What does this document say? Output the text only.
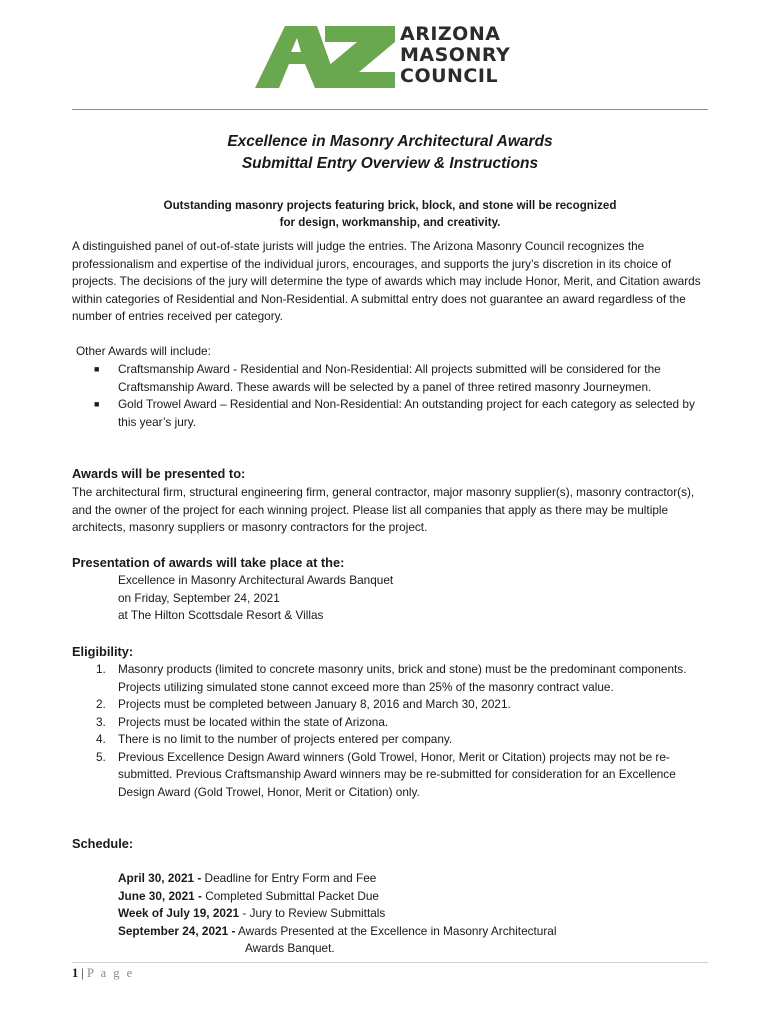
ARIZONA
MASONRY
COUNCIL
Excellence in Masonry Architectural Awards
Submittal Entry Overview & Instructions
Outstanding masonry projects featuring brick, block, and stone will be recognized
for design, workmanship, and creativity.
A distinguished panel of out-of-state jurists will judge the entries. The Arizona Masonry Council recognizes the professionalism and expertise of the individual jurors, encourages, and supports the jury’s discretion in its choice of projects. The decisions of the jury will determine the type of awards which may include Honor, Merit, and Citation awards within categories of Residential and Non-Residential. A submittal entry does not guarantee an award regardless of the number of entries received per category.
Other Awards will include:
■ Craftsmanship Award - Residential and Non-Residential: All projects submitted will be considered for the Craftsmanship Award. These awards will be selected by a panel of three retired masonry Journeymen.
■ Gold Trowel Award – Residential and Non-Residential: An outstanding project for each category as selected by this year’s jury.
Awards will be presented to:
The architectural firm, structural engineering firm, general contractor, major masonry supplier(s), masonry contractor(s), and the owner of the project for each winning project. Please list all companies that apply as there may be multiple architects, masonry suppliers or masonry contractors for the project.
Presentation of awards will take place at the:
Excellence in Masonry Architectural Awards Banquet
on Friday, September 24, 2021
at The Hilton Scottsdale Resort & Villas
Eligibility:
1. Masonry products (limited to concrete masonry units, brick and stone) must be the predominant components. Projects utilizing simulated stone cannot exceed more than 25% of the masonry contract value.
2. Projects must be completed between January 8, 2016 and March 30, 2021.
3. Projects must be located within the state of Arizona.
4. There is no limit to the number of projects entered per company.
5. Previous Excellence Design Award winners (Gold Trowel, Honor, Merit or Citation) projects may not be re-submitted. Previous Craftsmanship Award winners may be re-submitted for consideration for an Excellence Design Award (Gold Trowel, Honor, Merit or Citation) only.
Schedule:
April 30, 2021 - Deadline for Entry Form and Fee
June 30, 2021 - Completed Submittal Packet Due
Week of July 19, 2021 - Jury to Review Submittals
September 24, 2021 - Awards Presented at the Excellence in Masonry Architectural
Awards Banquet.
1 | P a g e
